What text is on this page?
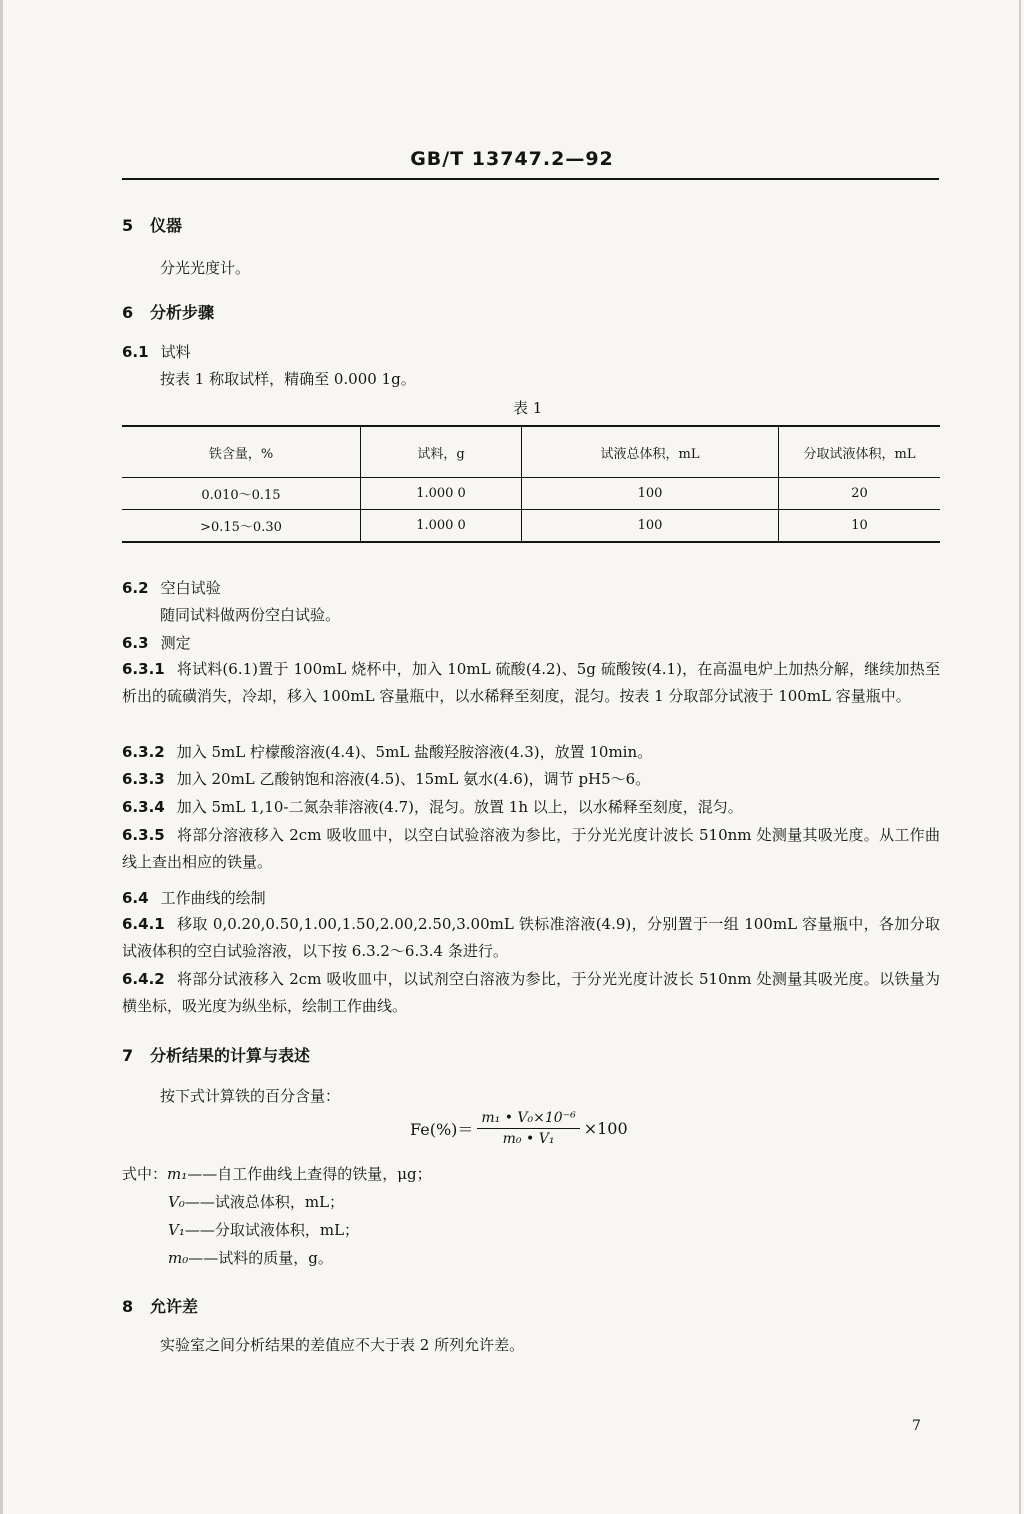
GB/T 13747.2—92
5 仪器
分光光度计。
6 分析步骤
6.1 试料
按表 1 称取试样，精确至 0.000 1g。
表 1
铁含量，%	试料，g	试液总体积，mL	分取试液体积，mL
0.010～0.15	1.000 0	100	20
>0.15～0.30	1.000 0	100	10
6.2 空白试验
随同试料做两份空白试验。
6.3 测定
6.3.1 将试料(6.1)置于 100mL 烧杯中，加入 10mL 硫酸(4.2)、5g 硫酸铵(4.1)，在高温电炉上加热分解，继续加热至析出的硫磺消失，冷却，移入 100mL 容量瓶中，以水稀释至刻度，混匀。按表 1 分取部分试液于 100mL 容量瓶中。
6.3.2 加入 5mL 柠檬酸溶液(4.4)、5mL 盐酸羟胺溶液(4.3)，放置 10min。
6.3.3 加入 20mL 乙酸钠饱和溶液(4.5)、15mL 氨水(4.6)，调节 pH5～6。
6.3.4 加入 5mL 1,10-二氮杂菲溶液(4.7)，混匀。放置 1h 以上，以水稀释至刻度，混匀。
6.3.5 将部分溶液移入 2cm 吸收皿中，以空白试验溶液为参比，于分光光度计波长 510nm 处测量其吸光度。从工作曲线上查出相应的铁量。
6.4 工作曲线的绘制
6.4.1 移取 0,0.20,0.50,1.00,1.50,2.00,2.50,3.00mL 铁标准溶液(4.9)，分别置于一组 100mL 容量瓶中，各加分取试液体积的空白试验溶液，以下按 6.3.2～6.3.4 条进行。
6.4.2 将部分试液移入 2cm 吸收皿中，以试剂空白溶液为参比，于分光光度计波长 510nm 处测量其吸光度。以铁量为横坐标，吸光度为纵坐标，绘制工作曲线。
7 分析结果的计算与表述
按下式计算铁的百分含量：
$Fe(\%)= \frac{\text{m₁ • V₀×10⁻⁶}}{\text{m₀ • V₁}} \times 100$
式中：m₁——自工作曲线上查得的铁量，μg；
V₀——试液总体积，mL；
V₁——分取试液体积，mL；
m₀——试料的质量，g。
8 允许差
实验室之间分析结果的差值应不大于表 2 所列允许差。
7
